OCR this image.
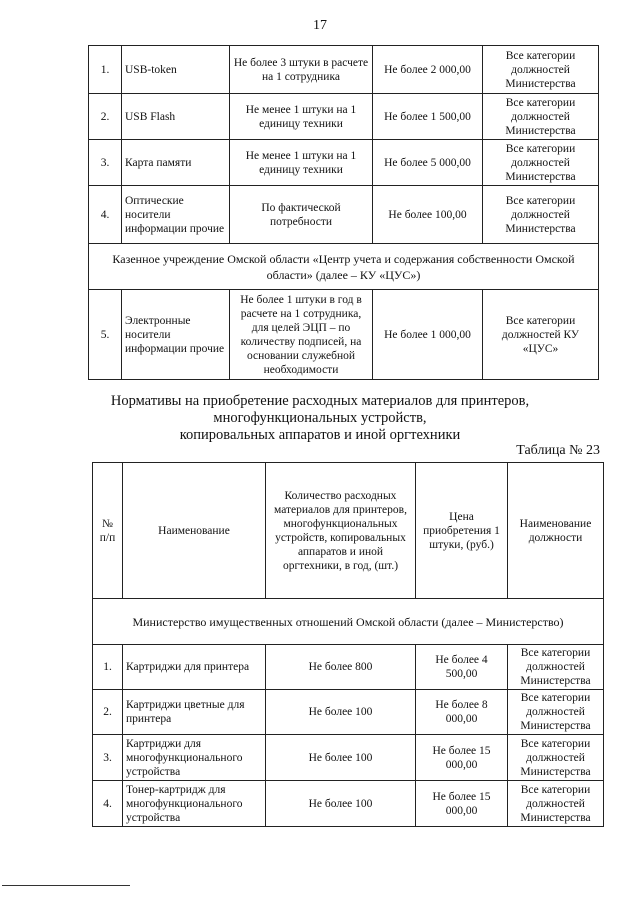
17
1.	USB-token	Не более 3 штуки в расчете на 1 сотрудника	Не более 2 000,00	Все категории должностей Министерства
2.	USB Flash	Не менее 1 штуки на 1 единицу техники	Не более 1 500,00	Все категории должностей Министерства
3.	Карта памяти	Не менее 1 штуки на 1 единицу техники	Не более 5 000,00	Все категории должностей Министерства
4.	Оптические носители информации прочие	По фактической потребности	Не более 100,00	Все категории должностей Министерства
Казенное учреждение Омской области «Центр учета и содержания собственности Омской области» (далее – КУ «ЦУС»)				
5.	Электронные носители информации прочие	Не более 1 штуки в год в расчете на 1 сотрудника, для целей ЭЦП – по количеству подписей, на основании служебной необходимости	Не более 1 000,00	Все категории должностей КУ «ЦУС»
Нормативы на приобретение расходных материалов для принтеров,
многофункциональных устройств,
копировальных аппаратов и иной оргтехники
Таблица № 23
№ п/п	Наименование	Количество расходных материалов для принтеров, многофункциональных устройств, копировальных аппаратов и иной оргтехники, в год, (шт.)	Цена приобретения 1 штуки, (руб.)	Наименование должности
Министерство имущественных отношений Омской области (далее – Министерство)				
1.	Картриджи для принтера	Не более 800	Не более 4 500,00	Все категории должностей Министерства
2.	Картриджи цветные для принтера	Не более 100	Не более 8 000,00	Все категории должностей Министерства
3.	Картриджи для многофункционального устройства	Не более 100	Не более 15 000,00	Все категории должностей Министерства
4.	Тонер-картридж для многофункционального устройства	Не более 100	Не более 15 000,00	Все категории должностей Министерства
